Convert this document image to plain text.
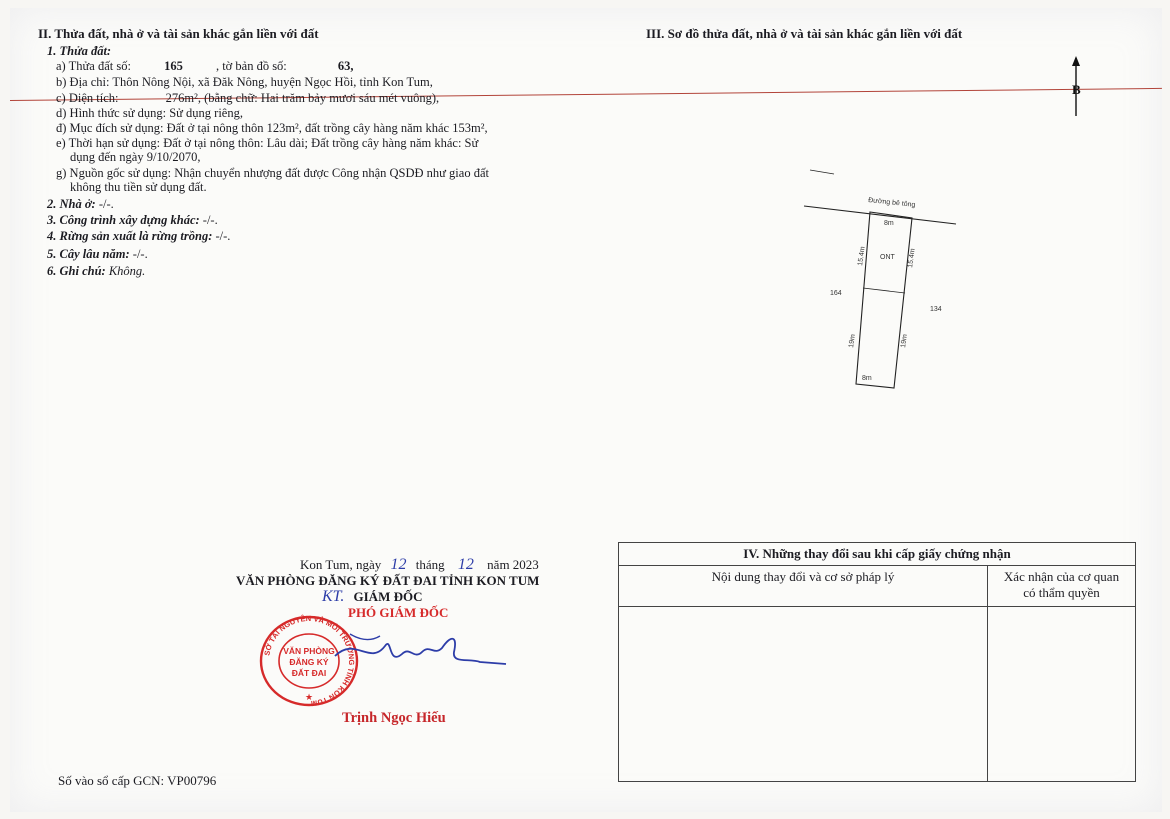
II. Thửa đất, nhà ở và tài sản khác gắn liền với đất
1. Thửa đất:
a) Thửa đất số:	165	, tờ bản đồ số:	63,
b) Địa chỉ: Thôn Nông Nội, xã Đăk Nông, huyện Ngọc Hồi, tỉnh Kon Tum,
c) Diện tích:	276m², (bằng chữ: Hai trăm bảy mươi sáu mét vuông),
d) Hình thức sử dụng: Sử dụng riêng,
đ) Mục đích sử dụng: Đất ở tại nông thôn 123m², đất trồng cây hàng năm khác 153m²,
e) Thời hạn sử dụng: Đất ở tại nông thôn: Lâu dài; Đất trồng cây hàng năm khác: Sử
dụng đến ngày 9/10/2070,
g) Nguồn gốc sử dụng: Nhận chuyển nhượng đất được Công nhận QSDĐ như giao đất
không thu tiền sử dụng đất.
2. Nhà ở: -/-.
3. Công trình xây dựng khác: -/-.
4. Rừng sản xuất là rừng trồng: -/-.
5. Cây lâu năm: -/-.
6. Ghi chú: Không.
III. Sơ đồ thửa đất, nhà ở và tài sản khác gắn liền với đất
B
Đường bê tông
8m
ONT
15.4m	15.4m
19m	19m
8m
164
134
Kon Tum, ngày 12 tháng 12 năm 2023
VĂN PHÒNG ĐĂNG KÝ ĐẤT ĐAI TỈNH KON TUM
KT. GIÁM ĐỐC
PHÓ GIÁM ĐỐC
SỞ TÀI NGUYÊN VÀ MÔI TRƯỜNG TỈNH KON TUM
VĂN PHÒNG
ĐĂNG KÝ
ĐẤT ĐAI
★
Trịnh Ngọc Hiếu
IV. Những thay đổi sau khi cấp giấy chứng nhận	
Nội dung thay đổi và cơ sở pháp lý	Xác nhận của cơ quan
có thẩm quyền

Số vào sổ cấp GCN: VP00796
